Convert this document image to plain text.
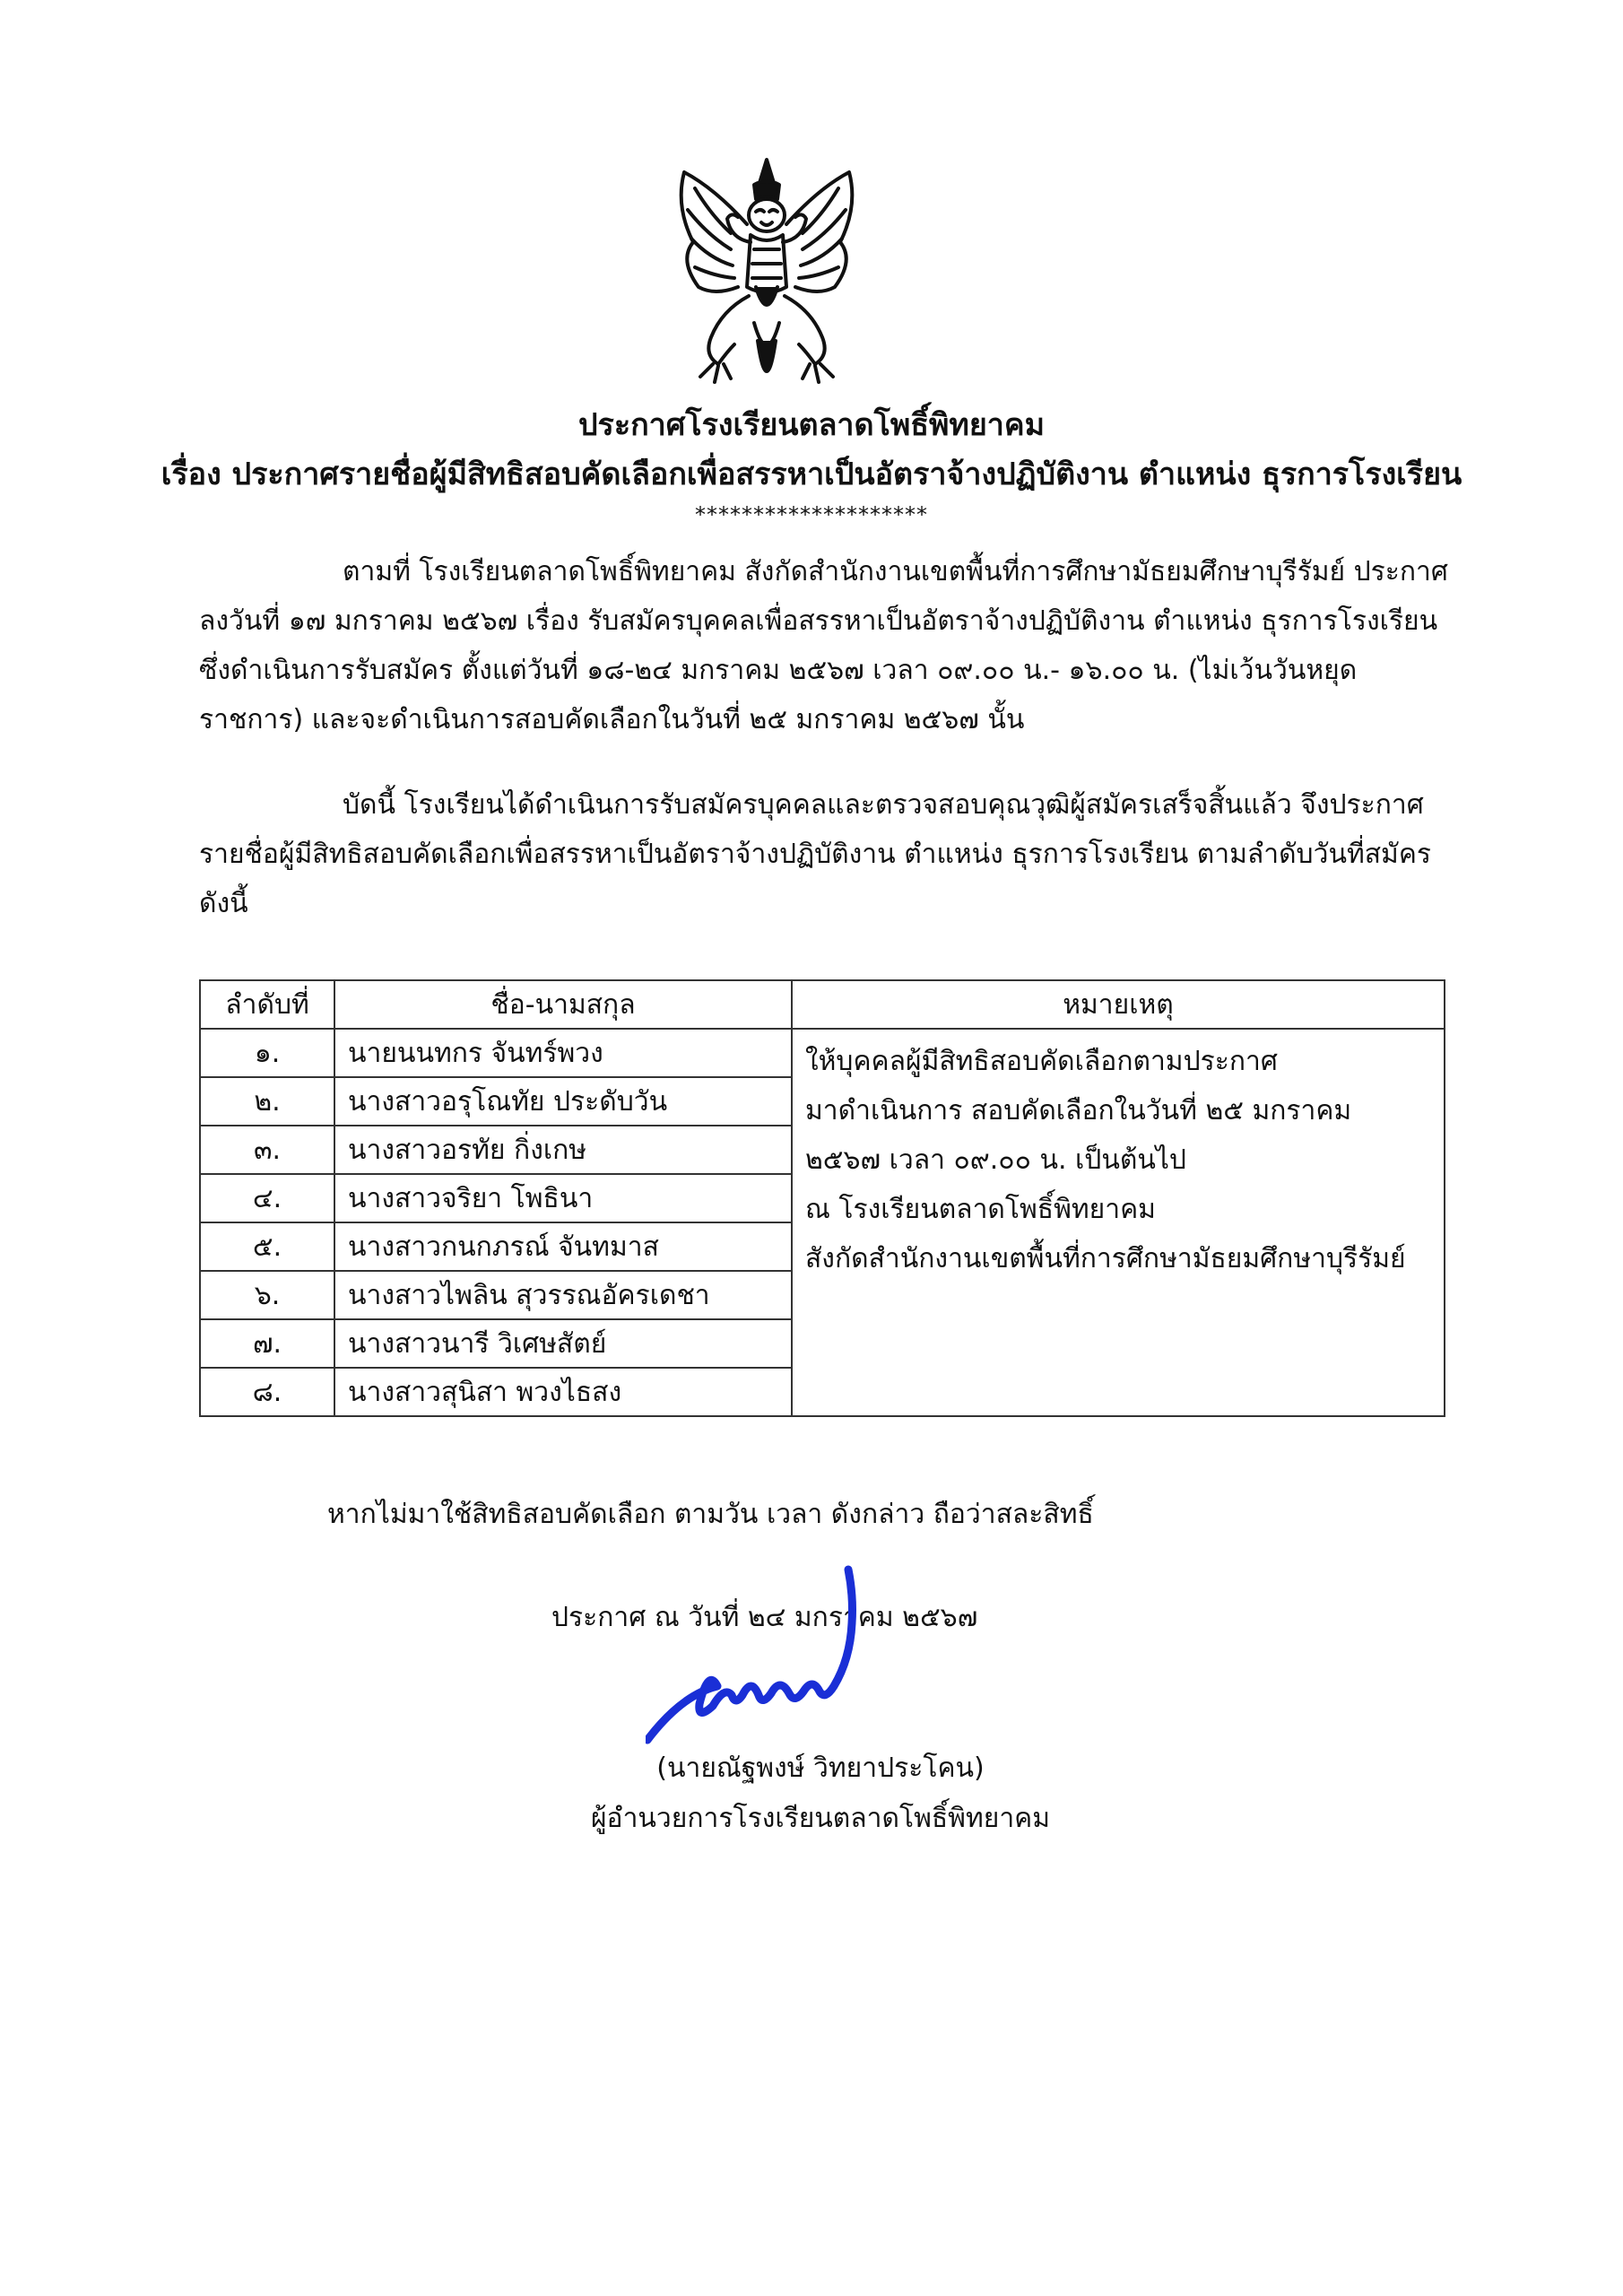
ประกาศโรงเรียนตลาดโพธิ์พิทยาคม
เรื่อง ประกาศรายชื่อผู้มีสิทธิสอบคัดเลือกเพื่อสรรหาเป็นอัตราจ้างปฏิบัติงาน ตำแหน่ง ธุรการโรงเรียน
********************
ตามที่ โรงเรียนตลาดโพธิ์พิทยาคม สังกัดสำนักงานเขตพื้นที่การศึกษามัธยมศึกษาบุรีรัมย์ ประกาศลงวันที่ ๑๗ มกราคม ๒๕๖๗ เรื่อง รับสมัครบุคคลเพื่อสรรหาเป็นอัตราจ้างปฏิบัติงาน ตำแหน่ง ธุรการโรงเรียน ซึ่งดำเนินการรับสมัคร ตั้งแต่วันที่ ๑๘-๒๔ มกราคม ๒๕๖๗ เวลา ๐๙.๐๐ น.- ๑๖.๐๐ น. (ไม่เว้นวันหยุดราชการ) และจะดำเนินการสอบคัดเลือกในวันที่ ๒๕ มกราคม ๒๕๖๗ นั้น
บัดนี้ โรงเรียนได้ดำเนินการรับสมัครบุคคลและตรวจสอบคุณวุฒิผู้สมัครเสร็จสิ้นแล้ว จึงประกาศ รายชื่อผู้มีสิทธิสอบคัดเลือกเพื่อสรรหาเป็นอัตราจ้างปฏิบัติงาน ตำแหน่ง ธุรการโรงเรียน ตามลำดับวันที่สมัคร ดังนี้
ลำดับที่	ชื่อ-นามสกุล	หมายเหตุ
๑.	นายนนทกร จันทร์พวง	ให้บุคคลผู้มีสิทธิสอบคัดเลือกตามประกาศ
มาดำเนินการ สอบคัดเลือกในวันที่ ๒๕ มกราคม
๒๕๖๗ เวลา ๐๙.๐๐ น. เป็นต้นไป
ณ โรงเรียนตลาดโพธิ์พิทยาคม
สังกัดสำนักงานเขตพื้นที่การศึกษามัธยมศึกษาบุรีรัมย์

๒.	นางสาวอรุโณทัย ประดับวัน	
๓.	นางสาวอรทัย กิ่งเกษ	
๔.	นางสาวจริยา โพธินา	
๕.	นางสาวกนกภรณ์ จันทมาส	
๖.	นางสาวไพลิน สุวรรณอัครเดชา	
๗.	นางสาวนารี วิเศษสัตย์	
๘.	นางสาวสุนิสา พวงไธสง	
หากไม่มาใช้สิทธิสอบคัดเลือก ตามวัน เวลา ดังกล่าว ถือว่าสละสิทธิ์
ประกาศ ณ วันที่ ๒๔ มกราคม ๒๕๖๗
(นายณัฐพงษ์ วิทยาประโคน)
ผู้อำนวยการโรงเรียนตลาดโพธิ์พิทยาคม
